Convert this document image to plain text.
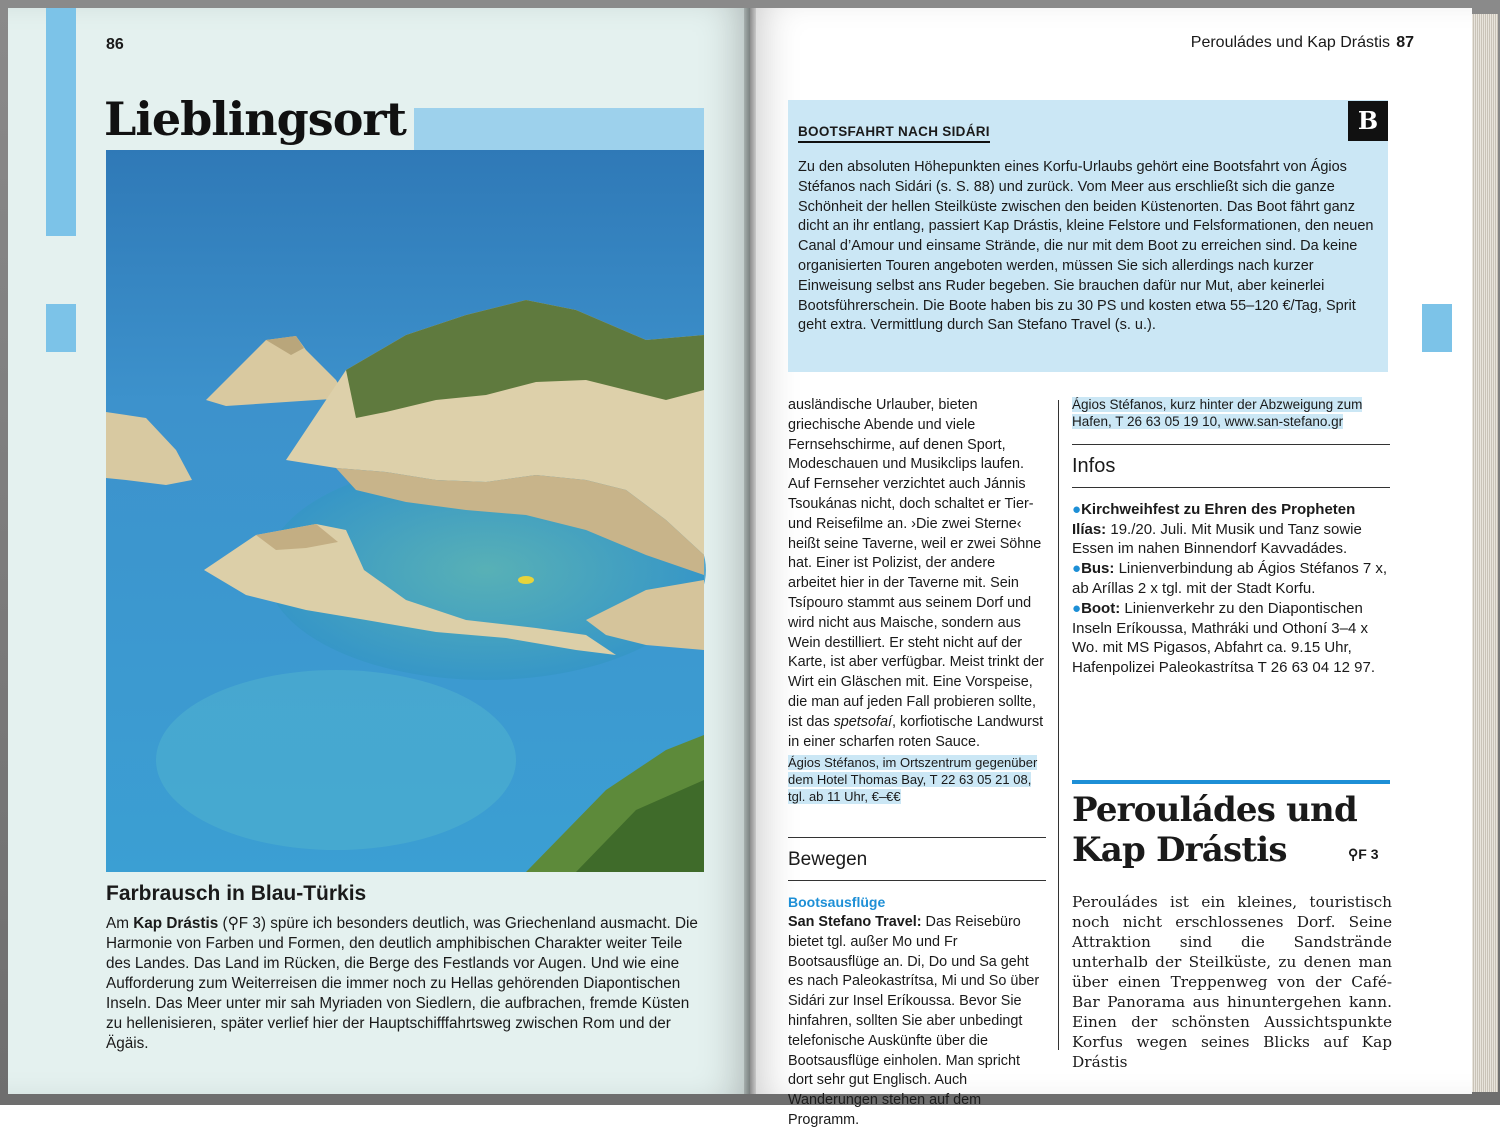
86
Lieblingsort
Farbrausch in Blau-Türkis
Am Kap Drástis (⚲F 3) spüre ich besonders deutlich, was Griechenland ausmacht. Die Harmonie von Farben und Formen, den deutlich amphibischen Charakter weiter Teile des Landes. Das Land im Rücken, die Berge des Festlands vor Augen. Und wie eine Aufforderung zum Weiterreisen die immer noch zu Hellas gehörenden Diapontischen Inseln. Das Meer unter mir sah Myriaden von Siedlern, die aufbrachen, fremde Küsten zu hellenisieren, später verlief hier der Hauptschifffahrtsweg zwischen Rom und der Ägäis.
Perouládes und Kap Drástis 87
B
BOOTSFAHRT NACH SIDÁRI
Zu den absoluten Höhepunkten eines Korfu-Urlaubs gehört eine Bootsfahrt von Ágios Stéfanos nach Sidári (s. S. 88) und zurück. Vom Meer aus erschließt sich die ganze Schönheit der hellen Steilküste zwischen den beiden Küstenorten. Das Boot fährt ganz dicht an ihr entlang, passiert Kap Drástis, kleine Felstore und Felsformationen, den neuen Canal d’Amour und einsame Strände, die nur mit dem Boot zu erreichen sind. Da keine organisierten Touren angeboten werden, müssen Sie sich allerdings nach kurzer Einweisung selbst ans Ruder begeben. Sie brauchen dafür nur Mut, aber keinerlei Bootsführerschein. Die Boote haben bis zu 30 PS und kosten etwa 55–120 €/Tag, Sprit geht extra. Vermittlung durch San Stefano Travel (s. u.).
ausländische Urlauber, bieten griechische Abende und viele Fernsehschirme, auf denen Sport, Modeschauen und Musikclips laufen. Auf Fernseher verzichtet auch Jánnis Tsoukánas nicht, doch schaltet er Tier- und Reisefilme an. ›Die zwei Sterne‹ heißt seine Taverne, weil er zwei Söhne hat. Einer ist Polizist, der andere arbeitet hier in der Taverne mit. Sein Tsípouro stammt aus seinem Dorf und wird nicht aus Maische, sondern aus Wein destilliert. Er steht nicht auf der Karte, ist aber verfügbar. Meist trinkt der Wirt ein Gläschen mit. Eine Vorspeise, die man auf jeden Fall probieren sollte, ist das spetsofaí, korfiotische Landwurst in einer scharfen roten Sauce.
Ágios Stéfanos, im Ortszentrum gegenüber dem Hotel Thomas Bay, T 22 63 05 21 08, tgl. ab 11 Uhr, €–€€
Bewegen
Bootsausflüge
San Stefano Travel: Das Reisebüro bietet tgl. außer Mo und Fr Bootsausflüge an. Di, Do und Sa geht es nach Paleokastrítsa, Mi und So über Sidári zur Insel Eríkoussa. Bevor Sie hinfahren, sollten Sie aber unbedingt telefonische Auskünfte über die Bootsausflüge einholen. Man spricht dort sehr gut Englisch. Auch Wanderungen stehen auf dem Programm.
Ágios Stéfanos, kurz hinter der Abzweigung zum Hafen, T 26 63 05 19 10, www.san-stefano.gr
Infos
●Kirchweihfest zu Ehren des Propheten Ilías: 19./20. Juli. Mit Musik und Tanz sowie Essen im nahen Binnendorf Kavvadádes.
●Bus: Linienverbindung ab Ágios Stéfanos 7 x, ab Aríllas 2 x tgl. mit der Stadt Korfu.
●Boot: Linienverkehr zu den Diapontischen Inseln Eríkoussa, Mathráki und Othoní 3–4 x Wo. mit MS Pigasos, Abfahrt ca. 9.15 Uhr, Hafenpolizei Paleokastrítsa T 26 63 04 12 97.
Perouládes und Kap Drástis	⚲F 3
Perouládes ist ein kleines, touristisch noch nicht erschlossenes Dorf. Seine Attraktion sind die Sandstrände unterhalb der Steilküste, zu denen man über einen Treppenweg von der Café-Bar Panorama aus hinuntergehen kann. Einen der schönsten Aussichtspunkte Korfus wegen seines Blicks auf Kap Drástis
